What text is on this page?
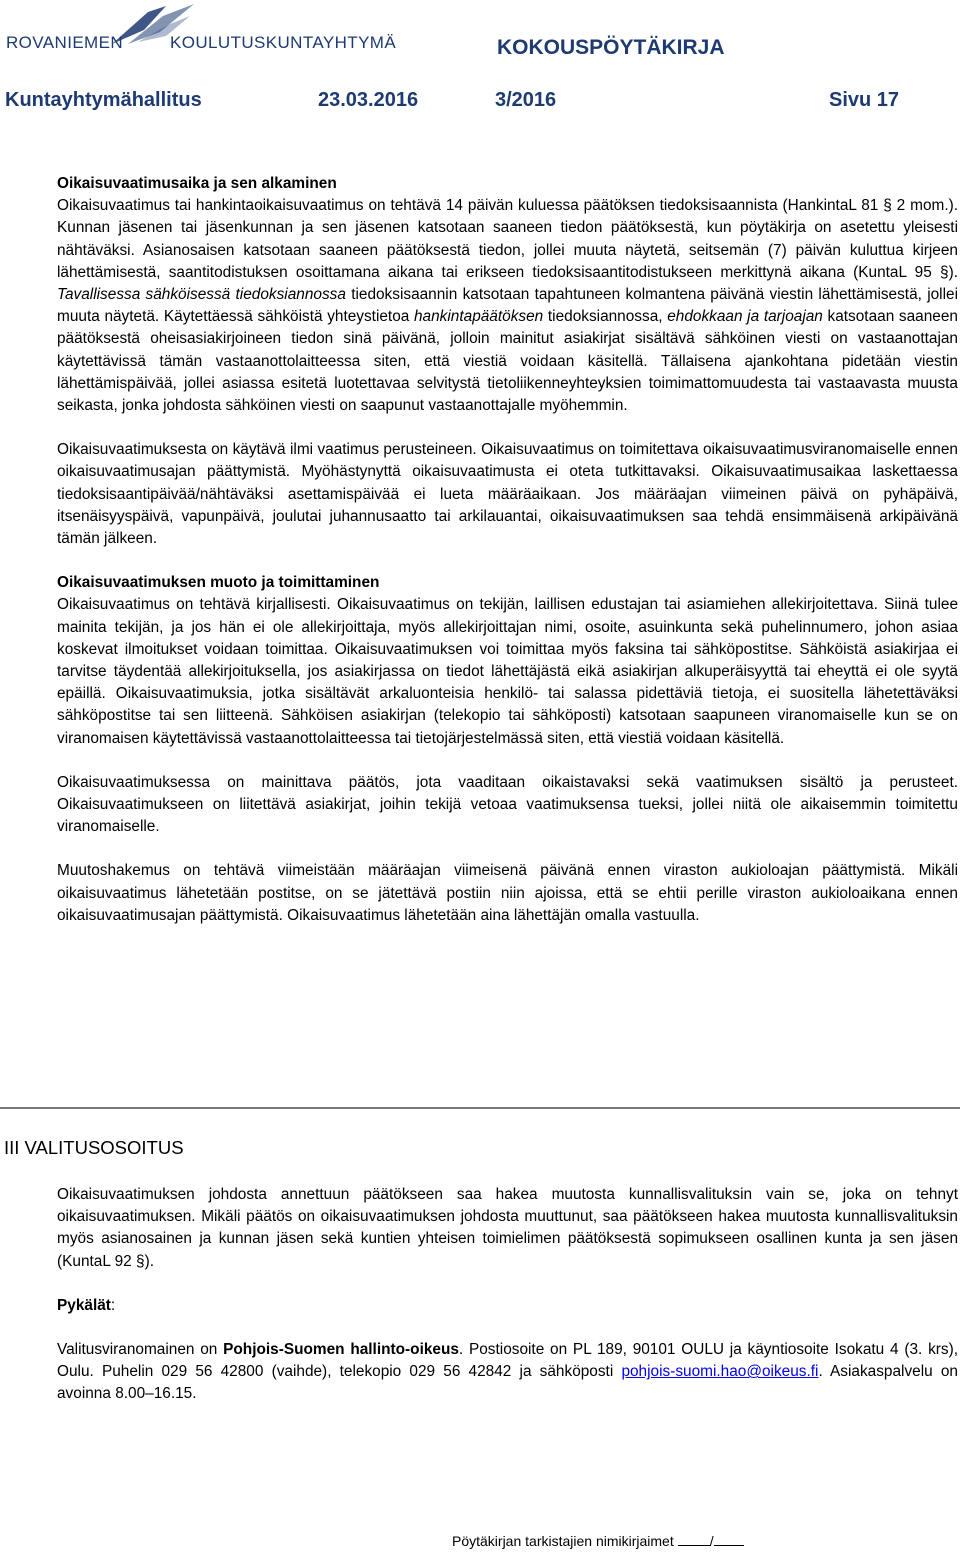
ROVANIEMEN	KOULUTUSKUNTAYHTYMÄ	KOKOUSPÖYTÄKIRJA
Kuntayhtymähallitus	23.03.2016	3/2016	Sivu 17
Oikaisuvaatimusaika ja sen alkaminen

Oikaisuvaatimus tai hankintaoikaisuvaatimus on tehtävä 14 päivän kuluessa päätöksen tiedoksisaannista (HankintaL 81 § 2 mom.). Kunnan jäsenen tai jäsenkunnan ja sen jäsenen katsotaan saaneen tiedon päätöksestä, kun pöytäkirja on asetettu yleisesti nähtäväksi. Asianosaisen katsotaan saaneen päätöksestä tiedon, jollei muuta näytetä, seitsemän (7) päivän kuluttua kirjeen lähettämisestä, saantitodistuksen osoittamana aikana tai erikseen tiedoksisaantitodistukseen merkittynä aikana (KuntaL 95 §). Tavallisessa sähköisessä tiedoksiannossa tiedoksisaannin katsotaan tapahtuneen kolmantena päivänä viestin lähettämisestä, jollei muuta näytetä. Käytettäessä sähköistä yhteystietoa hankintapäätöksen tiedoksiannossa, ehdokkaan ja tarjoajan katsotaan saaneen päätöksestä oheisasiakirjoineen tiedon sinä päivänä, jolloin mainitut asiakirjat sisältävä sähköinen viesti on vastaanottajan käytettävissä tämän vastaanottolaitteessa siten, että viestiä voidaan käsitellä. Tällaisena ajankohtana pidetään viestin lähettämispäivää, jollei asiassa esitetä luotettavaa selvitystä tietoliikenneyhteyksien toimimattomuudesta tai vastaavasta muusta seikasta, jonka johdosta sähköinen viesti on saapunut vastaanottajalle myöhemmin.

Oikaisuvaatimuksesta on käytävä ilmi vaatimus perusteineen. Oikaisuvaatimus on toimitettava oikaisuvaatimusviranomaiselle ennen oikaisuvaatimusajan päättymistä. Myöhästynyttä oikaisuvaatimusta ei oteta tutkittavaksi. Oikaisuvaatimusaikaa laskettaessa tiedoksisaantipäivää/nähtäväksi asettamispäivää ei lueta määräaikaan. Jos määräajan viimeinen päivä on pyhäpäivä, itsenäisyyspäivä, vapunpäivä, joulutai juhannusaatto tai arkilauantai, oikaisuvaatimuksen saa tehdä ensimmäisenä arkipäivänä tämän jälkeen.

Oikaisuvaatimuksen muoto ja toimittaminen

Oikaisuvaatimus on tehtävä kirjallisesti. Oikaisuvaatimus on tekijän, laillisen edustajan tai asiamiehen allekirjoitettava. Siinä tulee mainita tekijän, ja jos hän ei ole allekirjoittaja, myös allekirjoittajan nimi, osoite, asuinkunta sekä puhelinnumero, johon asiaa koskevat ilmoitukset voidaan toimittaa. Oikaisuvaatimuksen voi toimittaa myös faksina tai sähköpostitse. Sähköistä asiakirjaa ei tarvitse täydentää allekirjoituksella, jos asiakirjassa on tiedot lähettäjästä eikä asiakirjan alkuperäisyyttä tai eheyttä ei ole syytä epäillä. Oikaisuvaatimuksia, jotka sisältävät arkaluonteisia henkilö- tai salassa pidettäviä tietoja, ei suositella lähetettäväksi sähköpostitse tai sen liitteenä. Sähköisen asiakirjan (telekopio tai sähköposti) katsotaan saapuneen viranomaiselle kun se on viranomaisen käytettävissä vastaanottolaitteessa tai tietojärjestelmässä siten, että viestiä voidaan käsitellä.

Oikaisuvaatimuksessa on mainittava päätös, jota vaaditaan oikaistavaksi sekä vaatimuksen sisältö ja perusteet. Oikaisuvaatimukseen on liitettävä asiakirjat, joihin tekijä vetoaa vaatimuksensa tueksi, jollei niitä ole aikaisemmin toimitettu viranomaiselle.

Muutoshakemus on tehtävä viimeistään määräajan viimeisenä päivänä ennen viraston aukioloajan päättymistä. Mikäli oikaisuvaatimus lähetetään postitse, on se jätettävä postiin niin ajoissa, että se ehtii perille viraston aukioloaikana ennen oikaisuvaatimusajan päättymistä. Oikaisuvaatimus lähetetään aina lähettäjän omalla vastuulla.

III VALITUSOSOITUS

Oikaisuvaatimuksen johdosta annettuun päätökseen saa hakea muutosta kunnallisvalituksin vain se, joka on tehnyt oikaisuvaatimuksen. Mikäli päätös on oikaisuvaatimuksen johdosta muuttunut, saa päätökseen hakea muutosta kunnallisvalituksin myös asianosainen ja kunnan jäsen sekä kuntien yhteisen toimielimen päätöksestä sopimukseen osallinen kunta ja sen jäsen (KuntaL 92 §).

Pykälät:

Valitusviranomainen on Pohjois-Suomen hallinto-oikeus. Postiosoite on PL 189, 90101 OULU ja käyntiosoite Isokatu 4 (3. krs), Oulu. Puhelin 029 56 42800 (vaihde), telekopio 029 56 42842 ja sähköposti pohjois-suomi.hao@oikeus.fi. Asiakaspalvelu on avoinna 8.00–16.15.

Pöytäkirjan tarkistajien nimikirjaimet	/
